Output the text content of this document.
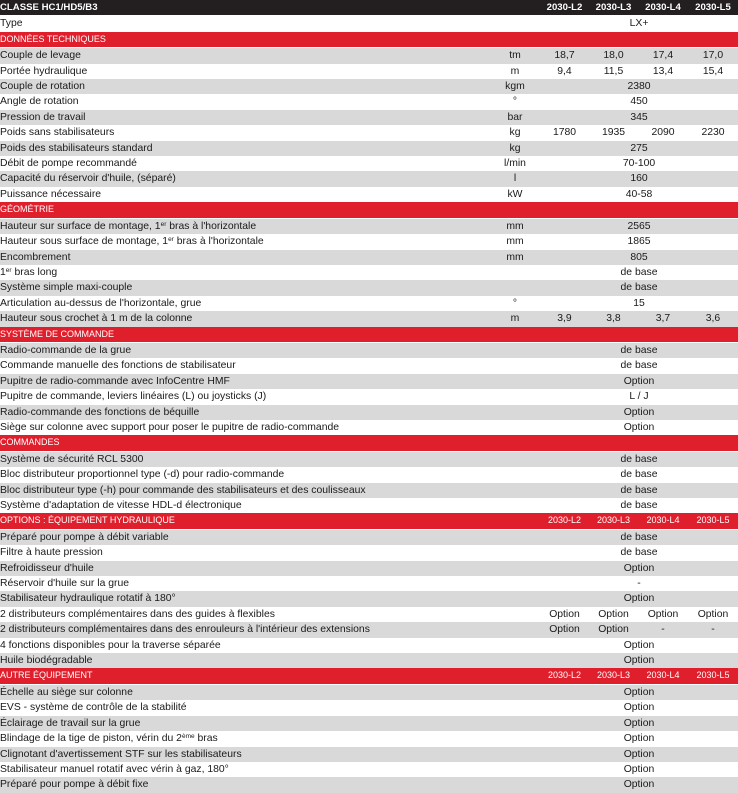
CLASSE HC1/HD5/B3		2030-L2	2030-L3	2030-L4	2030-L5
Type		LX+			
DONNÉES TECHNIQUES					
Couple de levage	tm	18,7	18,0	17,4	17,0
Portée hydraulique	m	9,4	11,5	13,4	15,4
Couple de rotation	kgm	2380			
Angle de rotation	°	450			
Pression de travail	bar	345			
Poids sans stabilisateurs	kg	1780	1935	2090	2230
Poids des stabilisateurs standard	kg	275			
Débit de pompe recommandé	l/min	70-100			
Capacité du réservoir d'huile, (séparé)	l	160			
Puissance nécessaire	kW	40-58			
GÉOMÉTRIE					
Hauteur sur surface de montage, 1er bras à l'horizontale	mm	2565			
Hauteur sous surface de montage, 1er bras à l'horizontale	mm	1865			
Encombrement	mm	805			
1er bras long		de base			
Système simple maxi-couple		de base			
Articulation au-dessus de l'horizontale, grue	°	15			
Hauteur sous crochet à 1 m de la colonne	m	3,9	3,8	3,7	3,6
SYSTÈME DE COMMANDE					
Radio-commande de la grue		de base			
Commande manuelle des fonctions de stabilisateur		de base			
Pupitre de radio-commande avec InfoCentre HMF		Option			
Pupitre de commande, leviers linéaires (L) ou joysticks (J)		L / J			
Radio-commande des fonctions de béquille		Option			
Siège sur colonne avec support pour poser le pupitre de radio-commande		Option			
COMMANDES					
Système de sécurité RCL 5300		de base			
Bloc distributeur proportionnel type (-d) pour radio-commande		de base			
Bloc distributeur type (-h) pour commande des stabilisateurs et des coulisseaux		de base			
Système d'adaptation de vitesse HDL-d électronique		de base			
OPTIONS : ÉQUIPEMENT HYDRAULIQUE		2030-L2	2030-L3	2030-L4	2030-L5
Préparé pour pompe à débit variable		de base			
Filtre à haute pression		de base			
Refroidisseur d'huile		Option			
Réservoir d'huile sur la grue		-			
Stabilisateur hydraulique rotatif à 180°		Option			
2 distributeurs complémentaires dans des guides à flexibles		Option	Option	Option	Option
2 distributeurs complémentaires dans des enrouleurs à l'intérieur des extensions		Option	Option	-	-
4 fonctions disponibles pour la traverse séparée		Option			
Huile biodégradable		Option			
AUTRE ÉQUIPEMENT		2030-L2	2030-L3	2030-L4	2030-L5
Échelle au siège sur colonne		Option			
EVS - système de contrôle de la stabilité		Option			
Éclairage de travail sur la grue		Option			
Blindage de la tige de piston, vérin du 2ème bras		Option			
Clignotant d'avertissement STF sur les stabilisateurs		Option			
Stabilisateur manuel rotatif avec vérin à gaz, 180°		Option			
Préparé pour pompe à débit fixe		Option			
